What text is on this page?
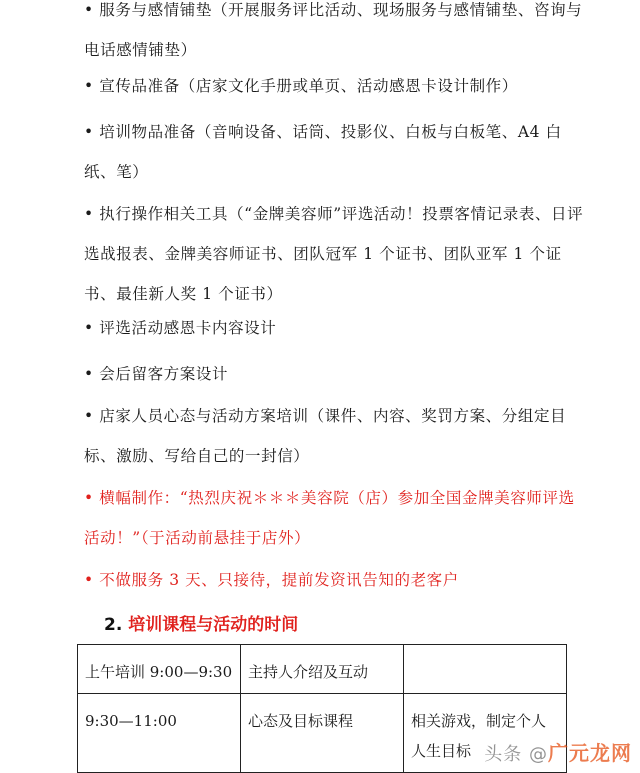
• 服务与感情铺垫（开展服务评比活动、现场服务与感情铺垫、咨询与电话感情铺垫）
• 宣传品准备（店家文化手册或单页、活动感恩卡设计制作）
• 培训物品准备（音响设备、话筒、投影仪、白板与白板笔、A4 白纸、笔）
• 执行操作相关工具（“金牌美容师”评选活动！投票客情记录表、日评选战报表、金牌美容师证书、团队冠军 1 个证书、团队亚军 1 个证书、最佳新人奖 1 个证书）
• 评选活动感恩卡内容设计
• 会后留客方案设计
• 店家人员心态与活动方案培训（课件、内容、奖罚方案、分组定目标、激励、写给自己的一封信）
• 横幅制作：“热烈庆祝＊＊＊美容院（店）参加全国金牌美容师评选活动！”（于活动前悬挂于店外）
• 不做服务 3 天、只接待，提前发资讯告知的老客户
2. 培训课程与活动的时间
上午培训 9:00—9:30	主持人介绍及互动	
9:30—11:00	心态及目标课程	相关游戏，制定个人人生目标 头条 @广元龙网
